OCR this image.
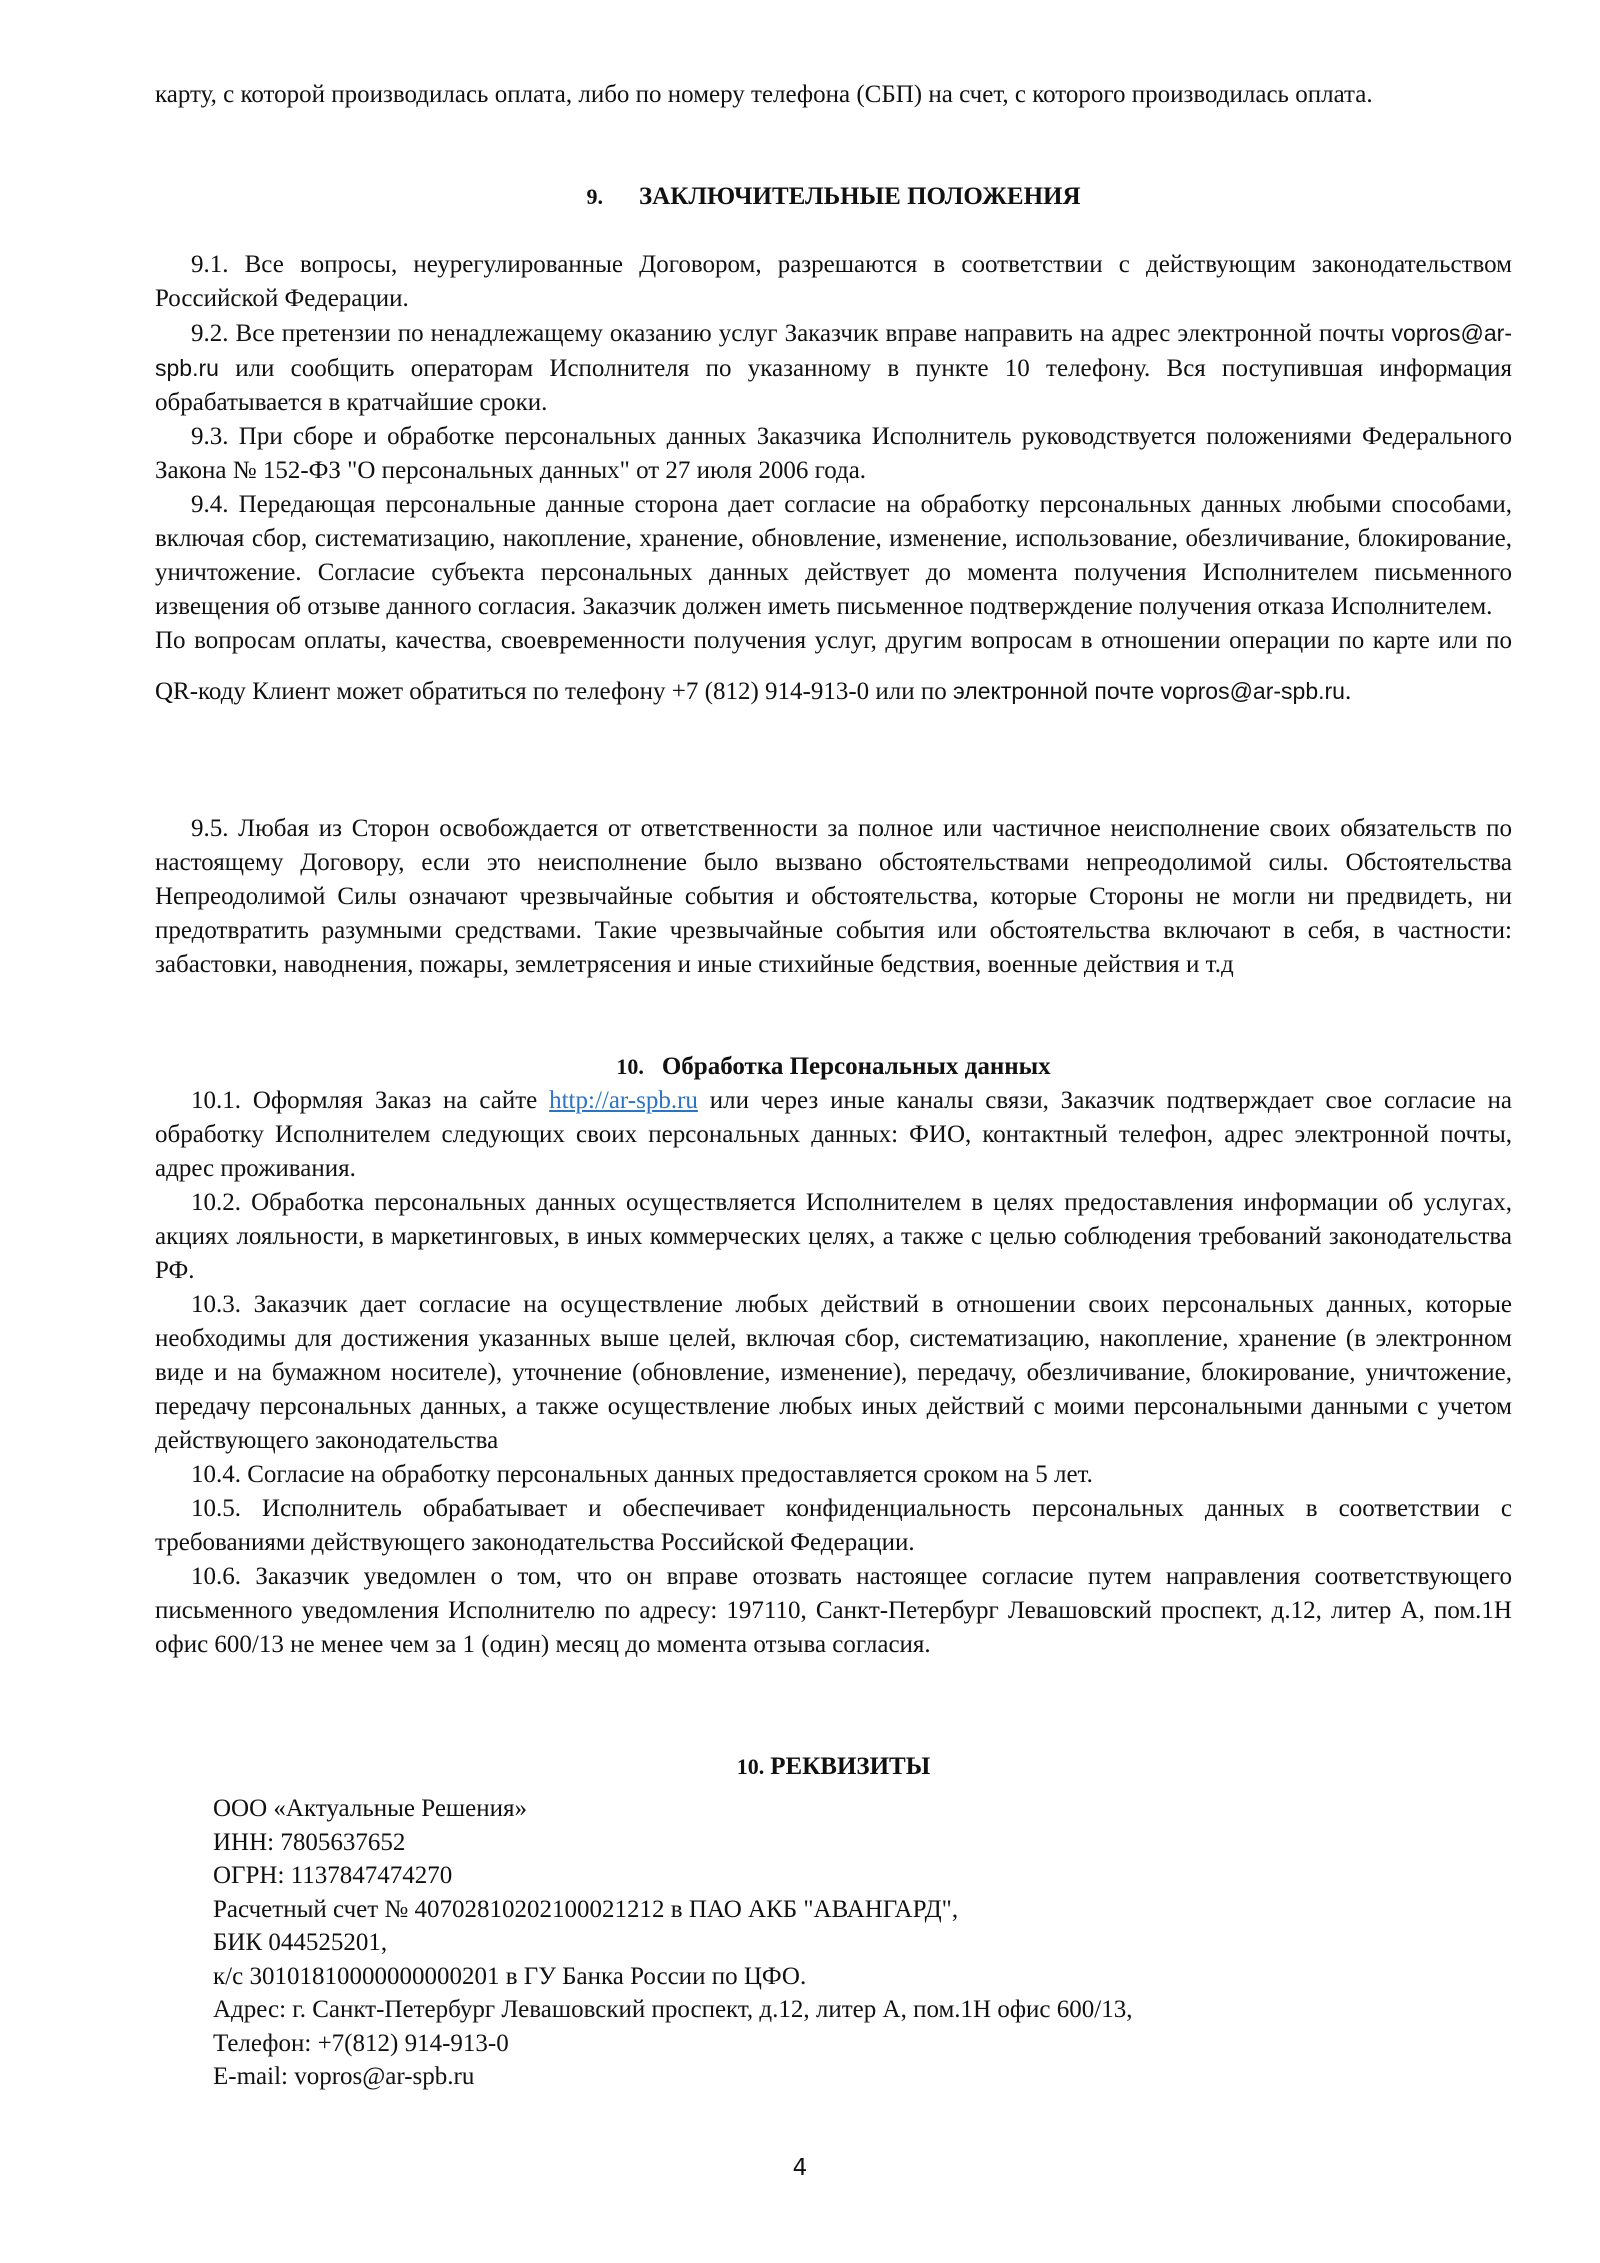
карту, с которой производилась оплата, либо по номеру телефона (СБП) на счет, с которого производилась оплата.

9. ЗАКЛЮЧИТЕЛЬНЫЕ ПОЛОЖЕНИЯ

9.1. Все вопросы, неурегулированные Договором, разрешаются в соответствии с действующим законодательством Российской Федерации.

9.2. Все претензии по ненадлежащему оказанию услуг Заказчик вправе направить на адрес электронной почты vopros@ar-spb.ru или сообщить операторам Исполнителя по указанному в пункте 10 телефону. Вся поступившая информация обрабатывается в кратчайшие сроки.

9.3. При сборе и обработке персональных данных Заказчика Исполнитель руководствуется положениями Федерального Закона № 152-ФЗ "О персональных данных" от 27 июля 2006 года.

9.4. Передающая персональные данные сторона дает согласие на обработку персональных данных любыми способами, включая сбор, систематизацию, накопление, хранение, обновление, изменение, использование, обезличивание, блокирование, уничтожение. Согласие субъекта персональных данных действует до момента получения Исполнителем письменного извещения об отзыве данного согласия. Заказчик должен иметь письменное подтверждение получения отказа Исполнителем.

По вопросам оплаты, качества, своевременности получения услуг, другим вопросам в отношении операции по карте или по QR-коду Клиент может обратиться по телефону +7 (812) 914-913-0 или по электронной почте vopros@ar-spb.ru.

9.5. Любая из Сторон освобождается от ответственности за полное или частичное неисполнение своих обязательств по настоящему Договору, если это неисполнение было вызвано обстоятельствами непреодолимой силы. Обстоятельства Непреодолимой Силы означают чрезвычайные события и обстоятельства, которые Стороны не могли ни предвидеть, ни предотвратить разумными средствами. Такие чрезвычайные события или обстоятельства включают в себя, в частности: забастовки, наводнения, пожары, землетрясения и иные стихийные бедствия, военные действия и т.д

10. Обработка Персональных данных

10.1. Оформляя Заказ на сайте http://ar-spb.ru или через иные каналы связи, Заказчик подтверждает свое согласие на обработку Исполнителем следующих своих персональных данных: ФИО, контактный телефон, адрес электронной почты, адрес проживания.

10.2. Обработка персональных данных осуществляется Исполнителем в целях предоставления информации об услугах, акциях лояльности, в маркетинговых, в иных коммерческих целях, а также с целью соблюдения требований законодательства РФ.

10.3. Заказчик дает согласие на осуществление любых действий в отношении своих персональных данных, которые необходимы для достижения указанных выше целей, включая сбор, систематизацию, накопление, хранение (в электронном виде и на бумажном носителе), уточнение (обновление, изменение), передачу, обезличивание, блокирование, уничтожение, передачу персональных данных, а также осуществление любых иных действий с моими персональными данными с учетом действующего законодательства

10.4. Согласие на обработку персональных данных предоставляется сроком на 5 лет.

10.5. Исполнитель обрабатывает и обеспечивает конфиденциальность персональных данных в соответствии с требованиями действующего законодательства Российской Федерации.

10.6. Заказчик уведомлен о том, что он вправе отозвать настоящее согласие путем направления соответствующего письменного уведомления Исполнителю по адресу: 197110, Санкт-Петербург Левашовский проспект, д.12, литер А, пом.1Н офис 600/13 не менее чем за 1 (один) месяц до момента отзыва согласия.

10. РЕКВИЗИТЫ
ООО «Актуальные Решения»
ИНН: 7805637652
ОГРН: 1137847474270
Расчетный счет № 40702810202100021212 в ПАО АКБ "АВАНГАРД",
БИК 044525201,
к/с 30101810000000000201 в ГУ Банка России по ЦФО.
Адрес: г. Санкт-Петербург Левашовский проспект, д.12, литер А, пом.1Н офис 600/13,
Телефон: +7(812) 914-913-0
E-mail: vopros@ar-spb.ru
4
